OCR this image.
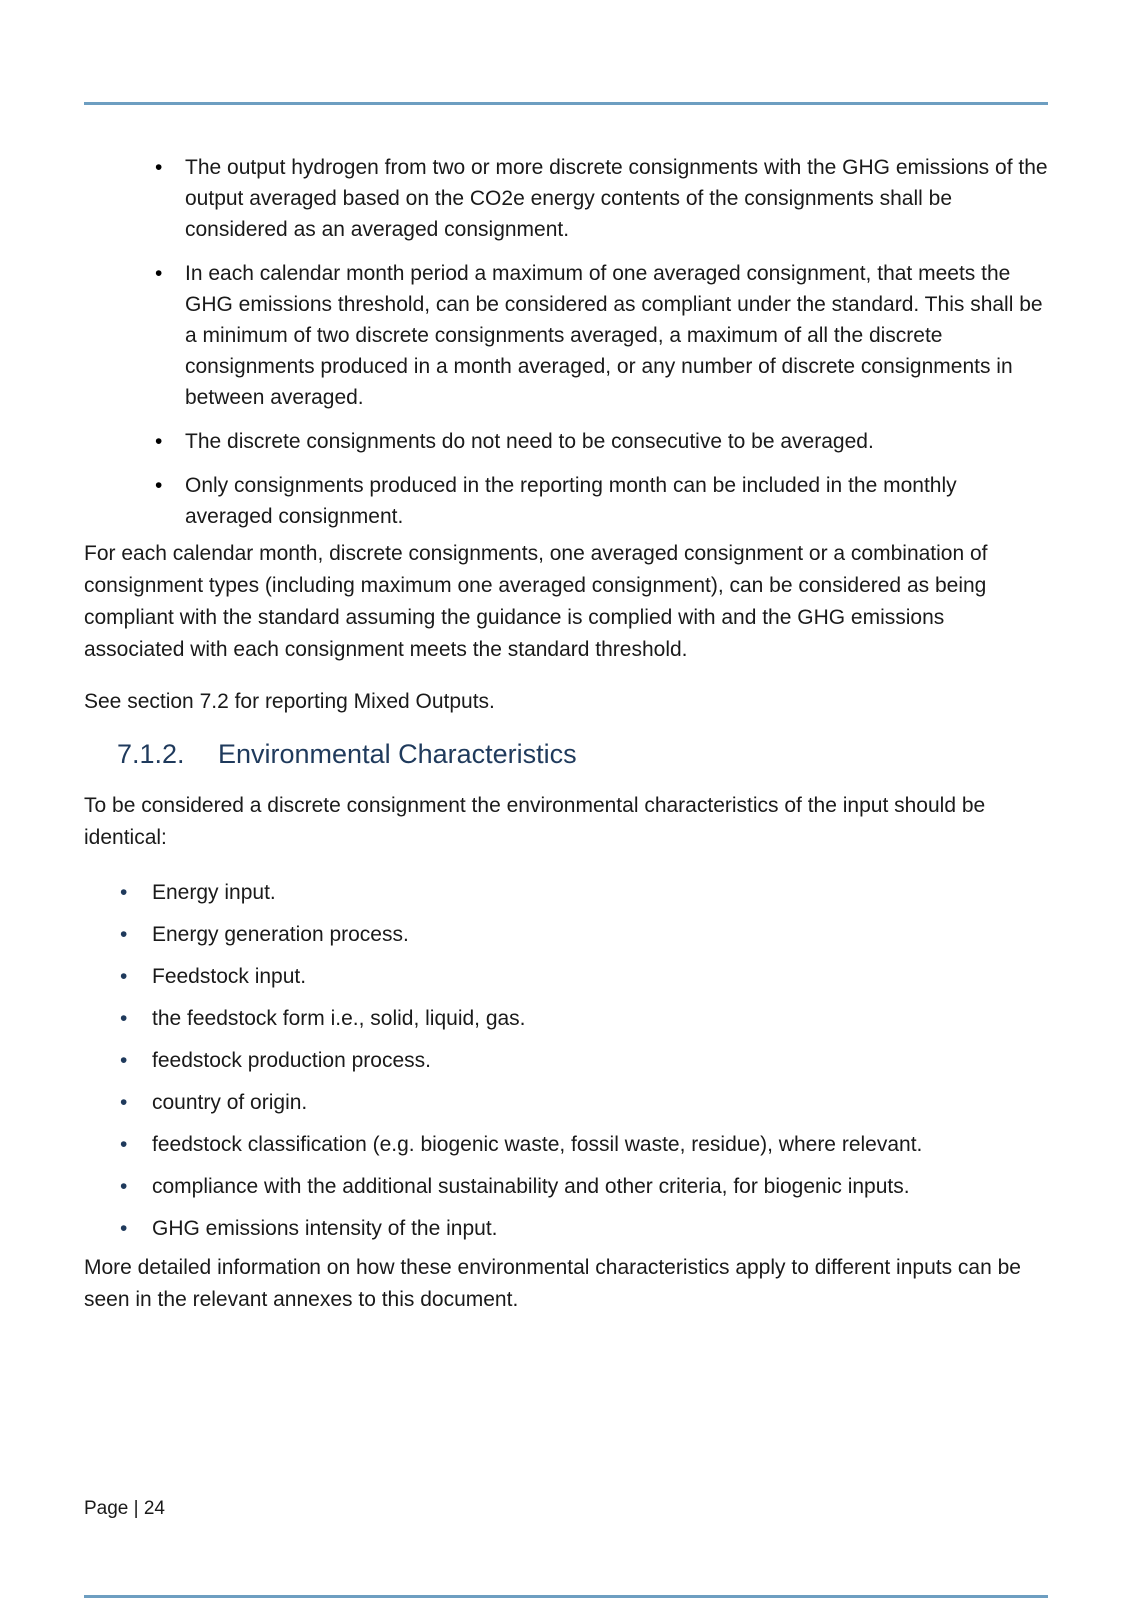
• The output hydrogen from two or more discrete consignments with the GHG emissions of the output averaged based on the CO2e energy contents of the consignments shall be considered as an averaged consignment.
• In each calendar month period a maximum of one averaged consignment, that meets the GHG emissions threshold, can be considered as compliant under the standard. This shall be a minimum of two discrete consignments averaged, a maximum of all the discrete consignments produced in a month averaged, or any number of discrete consignments in between averaged.
• The discrete consignments do not need to be consecutive to be averaged.
• Only consignments produced in the reporting month can be included in the monthly averaged consignment.

For each calendar month, discrete consignments, one averaged consignment or a combination of consignment types (including maximum one averaged consignment), can be considered as being compliant with the standard assuming the guidance is complied with and the GHG emissions associated with each consignment meets the standard threshold.

See section 7.2 for reporting Mixed Outputs.

7.1.2. Environmental Characteristics

To be considered a discrete consignment the environmental characteristics of the input should be identical:

• Energy input.
• Energy generation process.
• Feedstock input.
• the feedstock form i.e., solid, liquid, gas.
• feedstock production process.
• country of origin.
• feedstock classification (e.g. biogenic waste, fossil waste, residue), where relevant.
• compliance with the additional sustainability and other criteria, for biogenic inputs.
• GHG emissions intensity of the input.

More detailed information on how these environmental characteristics apply to different inputs can be seen in the relevant annexes to this document.

Page | 24
